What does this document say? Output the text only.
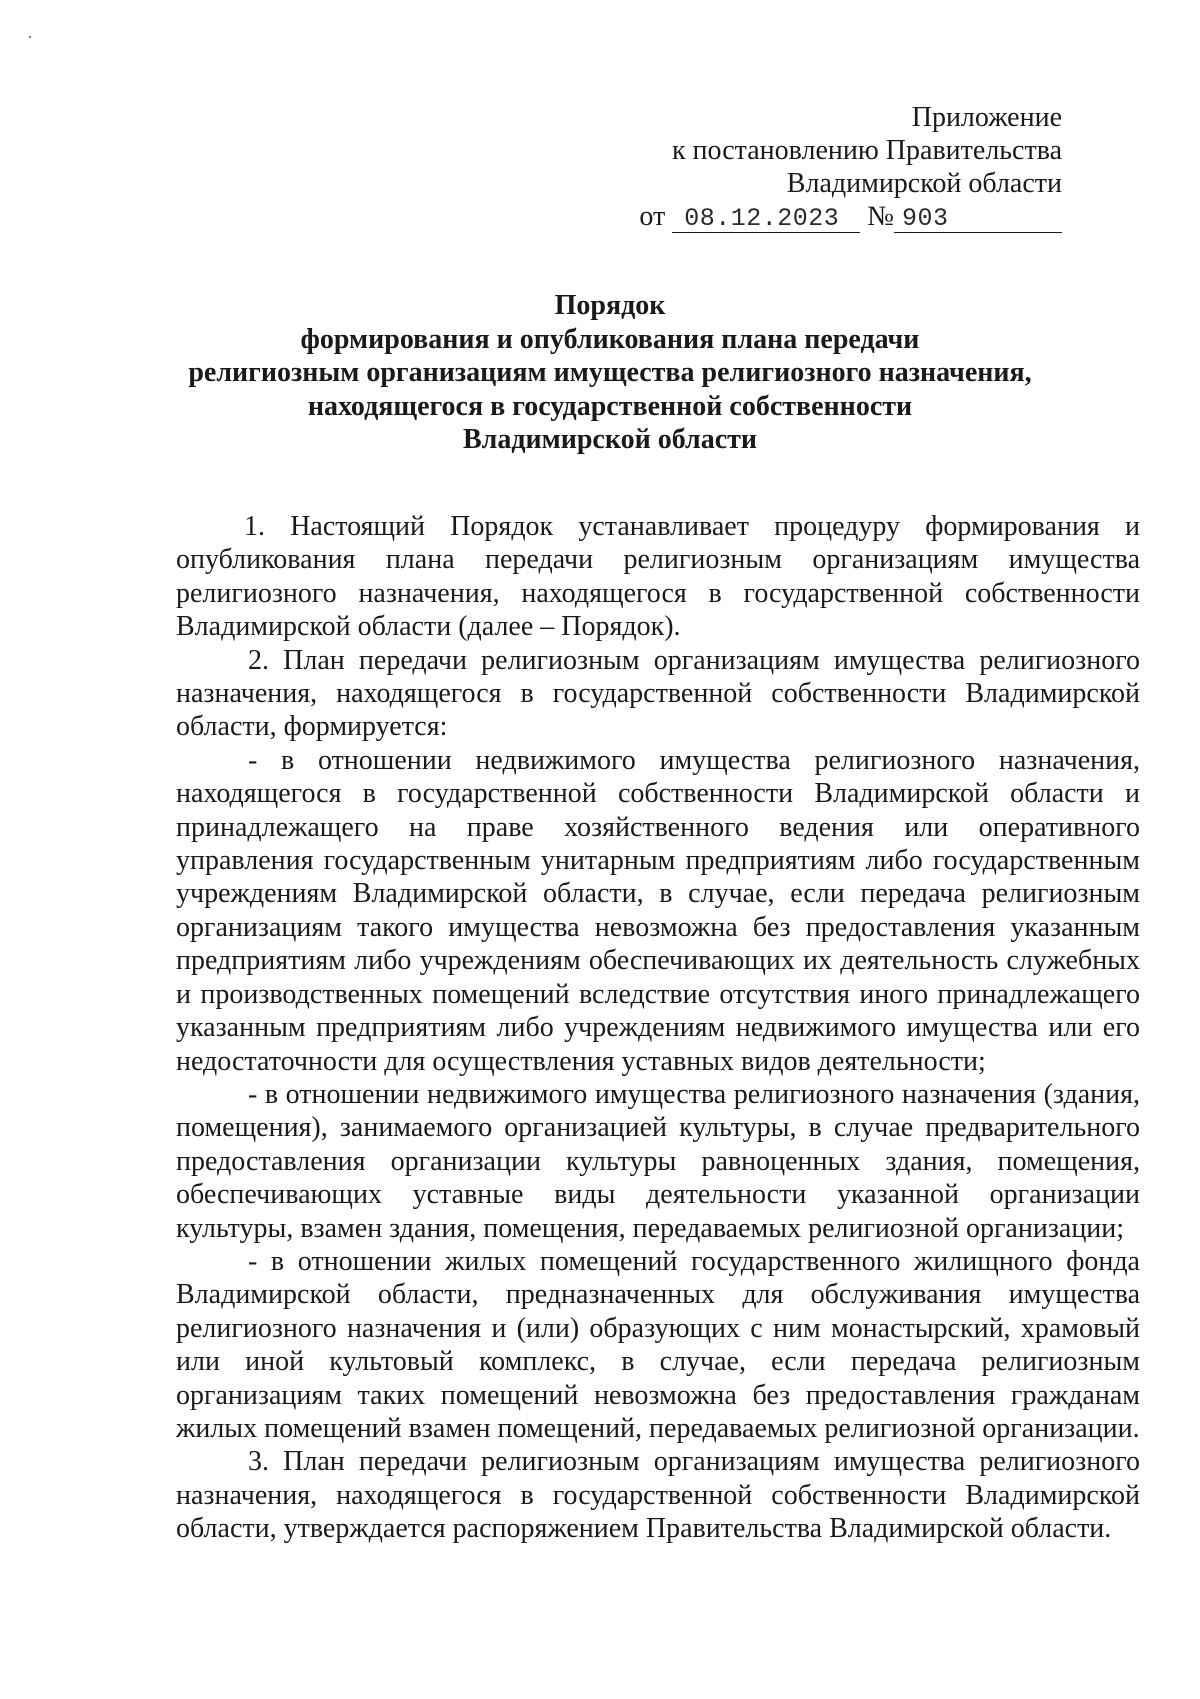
Приложение
к постановлению Правительства
Владимирской области
от 08.12.2023 № 903
Порядок
формирования и опубликования плана передачи
религиозным организациям имущества религиозного назначения,
находящегося в государственной собственности
Владимирской области

1. Настоящий Порядок устанавливает процедуру формирования и опубликования плана передачи религиозным организациям имущества религиозного назначения, находящегося в государственной собственности Владимирской области (далее – Порядок).

2. План передачи религиозным организациям имущества религиозного назначения, находящегося в государственной собственности Владимирской области, формируется:

- в отношении недвижимого имущества религиозного назначения, находящегося в государственной собственности Владимирской области и принадлежащего на праве хозяйственного ведения или оперативного управления государственным унитарным предприятиям либо государственным учреждениям Владимирской области, в случае, если передача религиозным организациям такого имущества невозможна без предоставления указанным предприятиям либо учреждениям обеспечивающих их деятельность служебных и производственных помещений вследствие отсутствия иного принадлежащего указанным предприятиям либо учреждениям недвижимого имущества или его недостаточности для осуществления уставных видов деятельности;

- в отношении недвижимого имущества религиозного назначения (здания, помещения), занимаемого организацией культуры, в случае предварительного предоставления организации культуры равноценных здания, помещения, обеспечивающих уставные виды деятельности указанной организации культуры, взамен здания, помещения, передаваемых религиозной организации;

- в отношении жилых помещений государственного жилищного фонда Владимирской области, предназначенных для обслуживания имущества религиозного назначения и (или) образующих с ним монастырский, храмовый или иной культовый комплекс, в случае, если передача религиозным организациям таких помещений невозможна без предоставления гражданам жилых помещений взамен помещений, передаваемых религиозной организации.

3. План передачи религиозным организациям имущества религиозного назначения, находящегося в государственной собственности Владимирской области, утверждается распоряжением Правительства Владимирской области.
